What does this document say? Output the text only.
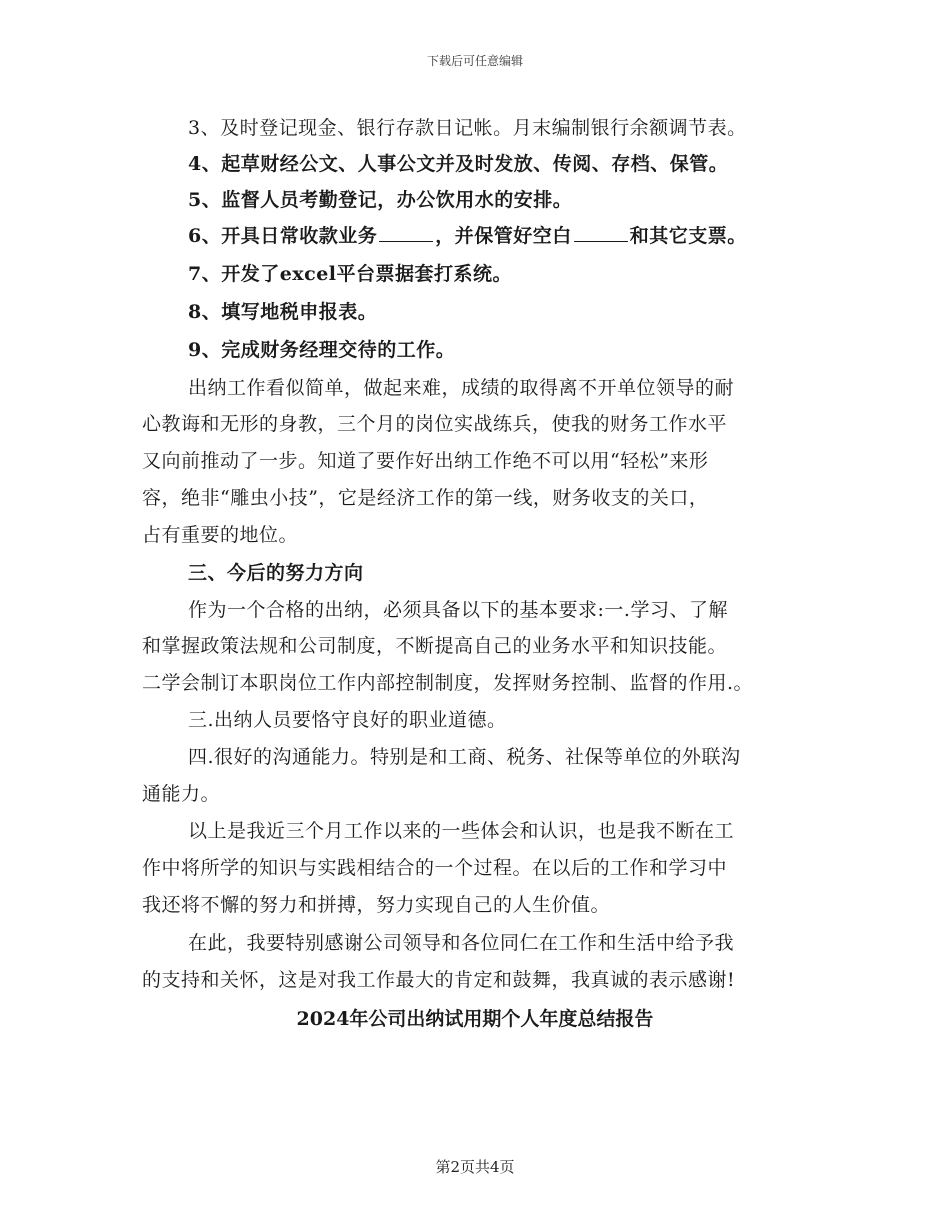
下载后可任意编辑
3、及时登记现金、银行存款日记帐。月末编制银行余额调节表。
4、起草财经公文、人事公文并及时发放、传阅、存档、保管。
5、监督人员考勤登记，办公饮用水的安排。
6、开具日常收款业务	，并保管好空白	和其它支票。
7、开发了excel平台票据套打系统。
8、填写地税申报表。
9、完成财务经理交待的工作。
出纳工作看似简单，做起来难，成绩的取得离不开单位领导的耐
心教诲和无形的身教，三个月的岗位实战练兵，使我的财务工作水平
又向前推动了一步。知道了要作好出纳工作绝不可以用“轻松”来形
容，绝非“雕虫小技”，它是经济工作的第一线，财务收支的关口，
占有重要的地位。
三、今后的努力方向
作为一个合格的出纳，必须具备以下的基本要求:一.学习、了解
和掌握政策法规和公司制度，不断提高自己的业务水平和知识技能。
二学会制订本职岗位工作内部控制制度，发挥财务控制、监督的作用.。
三.出纳人员要恪守良好的职业道德。
四.很好的沟通能力。特别是和工商、税务、社保等单位的外联沟
通能力。
以上是我近三个月工作以来的一些体会和认识，也是我不断在工
作中将所学的知识与实践相结合的一个过程。在以后的工作和学习中
我还将不懈的努力和拼搏，努力实现自己的人生价值。
在此，我要特别感谢公司领导和各位同仁在工作和生活中给予我
的支持和关怀，这是对我工作最大的肯定和鼓舞，我真诚的表示感谢!
2024年公司出纳试用期个人年度总结报告
第2页共4页
